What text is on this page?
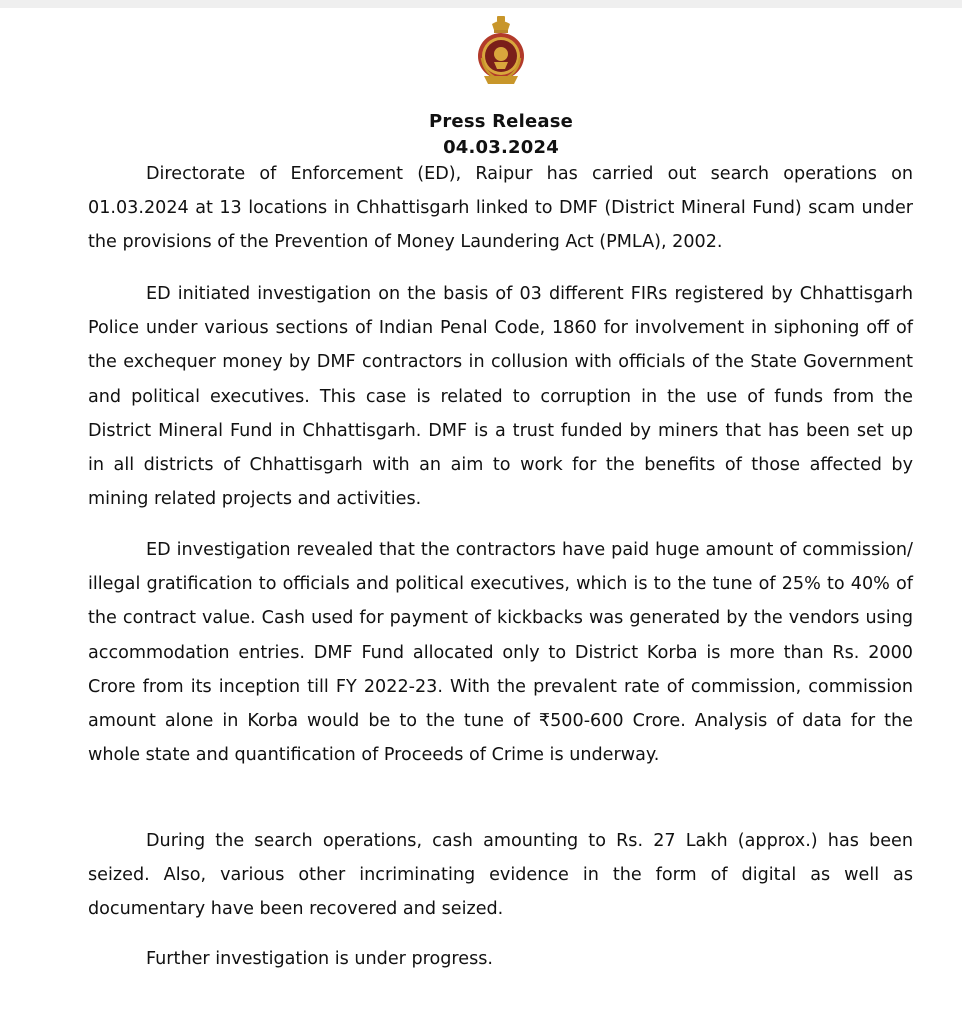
Press Release
04.03.2024

Directorate of Enforcement (ED), Raipur has carried out search operations on 01.03.2024 at 13 locations in Chhattisgarh linked to DMF (District Mineral Fund) scam under the provisions of the Prevention of Money Laundering Act (PMLA), 2002.

ED initiated investigation on the basis of 03 different FIRs registered by Chhattisgarh Police under various sections of Indian Penal Code, 1860 for involvement in siphoning off of the exchequer money by DMF contractors in collusion with officials of the State Government and political executives. This case is related to corruption in the use of funds from the District Mineral Fund in Chhattisgarh. DMF is a trust funded by miners that has been set up in all districts of Chhattisgarh with an aim to work for the benefits of those affected by mining related projects and activities.

ED investigation revealed that the contractors have paid huge amount of commission/ illegal gratification to officials and political executives, which is to the tune of 25% to 40% of the contract value. Cash used for payment of kickbacks was generated by the vendors using accommodation entries. DMF Fund allocated only to District Korba is more than Rs. 2000 Crore from its inception till FY 2022-23. With the prevalent rate of commission, commission amount alone in Korba would be to the tune of ₹500-600 Crore. Analysis of data for the whole state and quantification of Proceeds of Crime is underway.

During the search operations, cash amounting to Rs. 27 Lakh (approx.) has been seized. Also, various other incriminating evidence in the form of digital as well as documentary have been recovered and seized.

Further investigation is under progress.
